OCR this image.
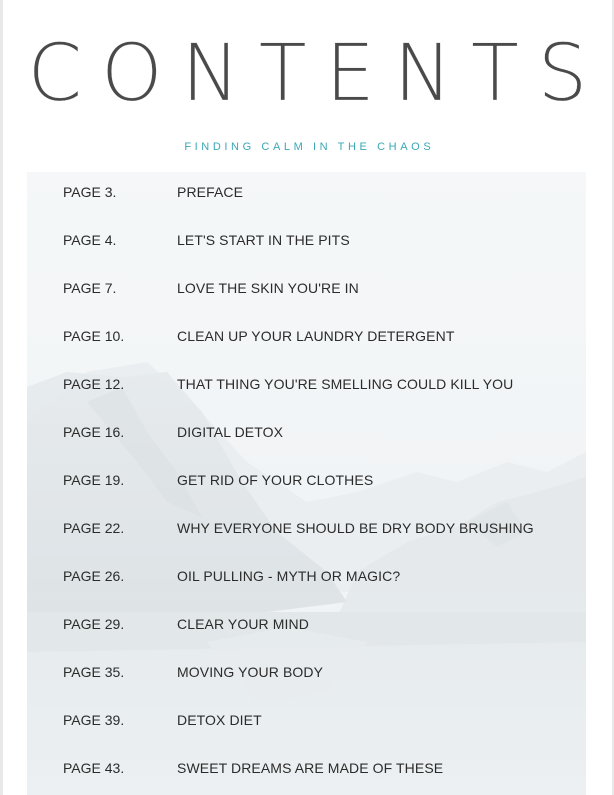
CONTENTS
FINDING CALM IN THE CHAOS
PAGE 3.	PREFACE
PAGE 4.	LET'S START IN THE PITS
PAGE 7.	LOVE THE SKIN YOU'RE IN
PAGE 10.	CLEAN UP YOUR LAUNDRY DETERGENT
PAGE 12.	THAT THING YOU'RE SMELLING COULD KILL YOU
PAGE 16.	DIGITAL DETOX
PAGE 19.	GET RID OF YOUR CLOTHES
PAGE 22.	WHY EVERYONE SHOULD BE DRY BODY BRUSHING
PAGE 26.	OIL PULLING - MYTH OR MAGIC?
PAGE 29.	CLEAR YOUR MIND
PAGE 35.	MOVING YOUR BODY
PAGE 39.	DETOX DIET
PAGE 43.	SWEET DREAMS ARE MADE OF THESE
